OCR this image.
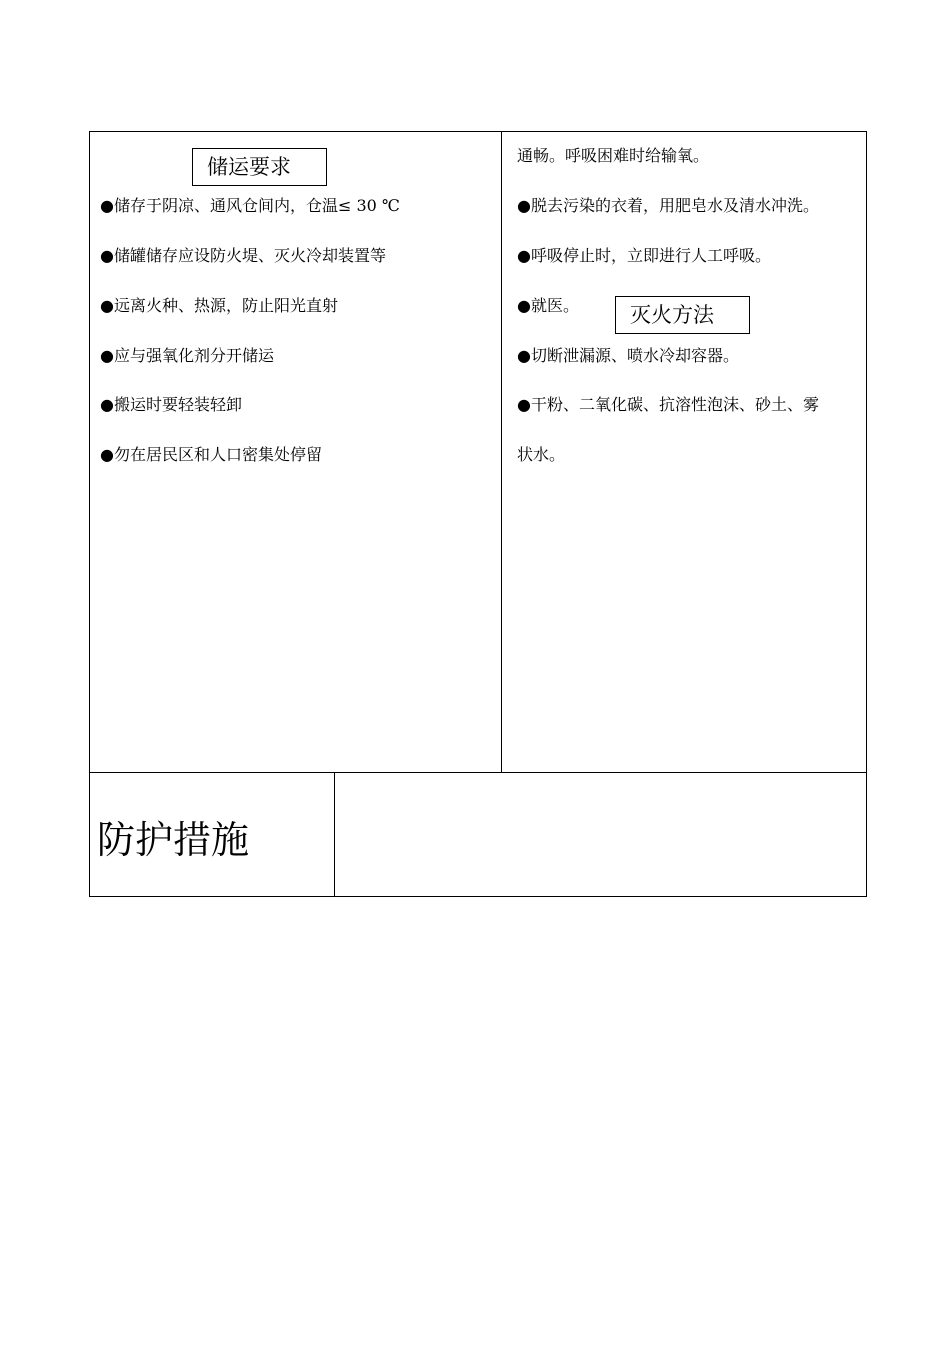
储运要求
●储存于阴凉、通风仓间内，仓温≤ 30 ℃
●储罐储存应设防火堤、灭火冷却装置等
●远离火种、热源，防止阳光直射
●应与强氧化剂分开储运
●搬运时要轻装轻卸
●勿在居民区和人口密集处停留
通畅。呼吸困难时给输氧。
●脱去污染的衣着，用肥皂水及清水冲洗。
●呼吸停止时，立即进行人工呼吸。
●就医。	灭火方法
●切断泄漏源、喷水冷却容器。
●干粉、二氧化碳、抗溶性泡沫、砂土、雾
状水。
防护措施
